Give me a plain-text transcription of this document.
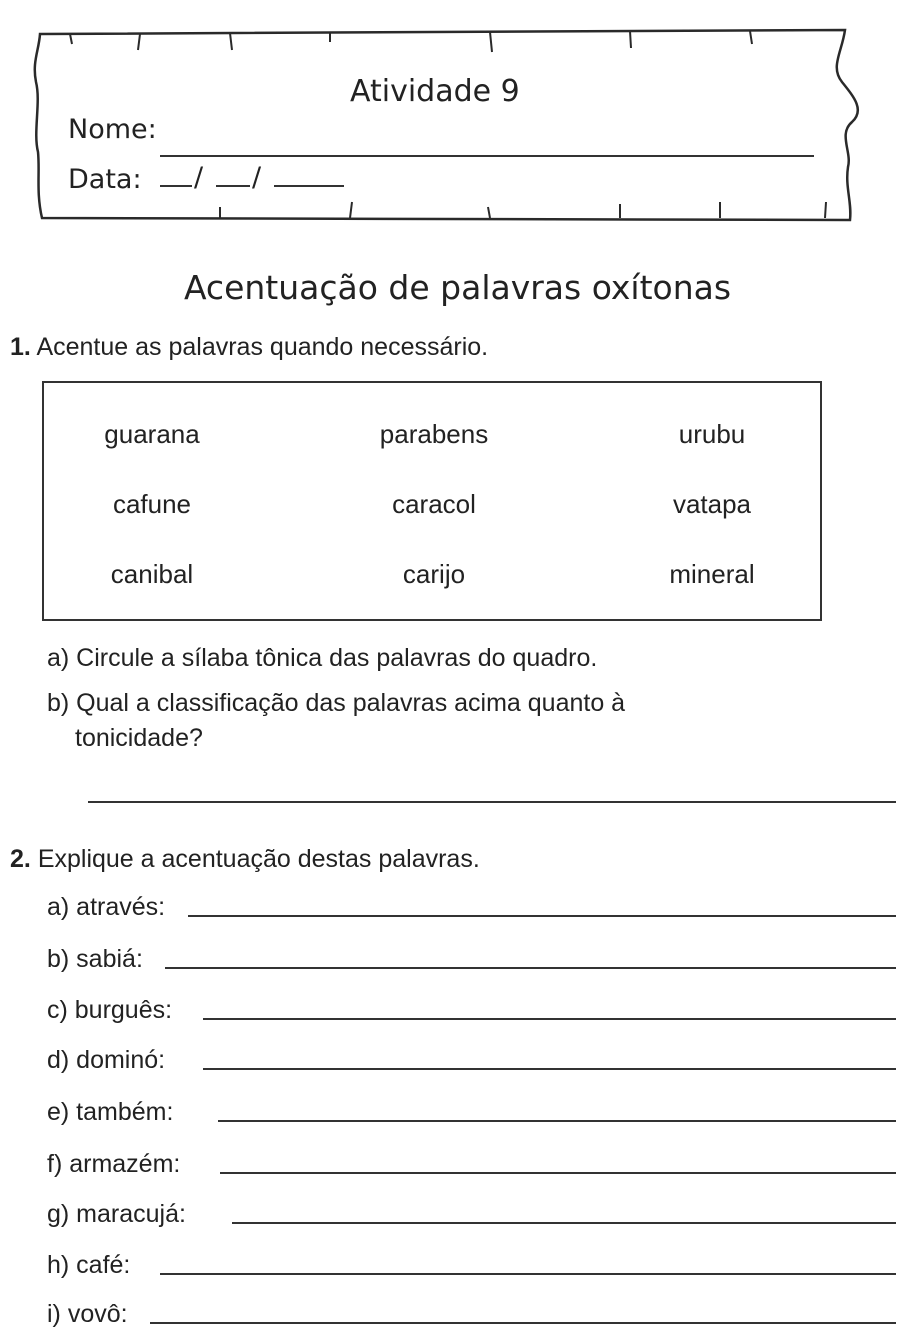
Atividade 9
Nome:
Data: / /
Acentuação de palavras oxítonas
1. Acentue as palavras quando necessário.
guarana	parabens	urubu
cafune	caracol	vatapa
canibal	carijo	mineral
a) Circule a sílaba tônica das palavras do quadro.
b) Qual a classificação das palavras acima quanto à
tonicidade?
2. Explique a acentuação destas palavras.
a) através:
b) sabiá:
c) burguês:
d) dominó:
e) também:
f) armazém:
g) maracujá:
h) café:
i) vovô:
